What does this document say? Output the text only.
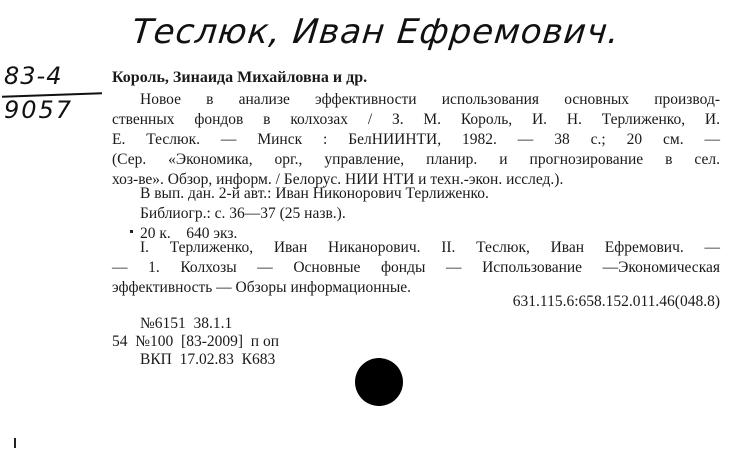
Теслюк, Иван Ефремович.
83-4
9057
Король, Зинаида Михайловна и др.
Новое в анализе эффективности использования основных производ-
ственных фондов в колхозах / З. М. Король, И. Н. Терлиженко, И.
Е. Теслюк. — Минск : БелНИИНТИ, 1982. — 38 с.; 20 см. —
(Сер. «Экономика, орг., управление, планир. и прогнозирование в сел.
хоз-ве». Обзор, информ. / Белорус. НИИ НТИ и техн.-экон. исслед.).
В вып. дан. 2-й авт.: Иван Никонорович Терлиженко.
Библиогр.: с. 36—37 (25 назв.).
20 к.    640 экз.
I. Терлиженко, Иван Никанорович. II. Теслюк, Иван Ефремович. —
— 1. Колхозы — Основные фонды — Использование —Экономическая
эффективность — Обзоры информационные.
631.115.6:658.152.011.46(048.8)
№6151  38.1.1
54  №100  [83-2009]  п оп
ВКП  17.02.83  К683
